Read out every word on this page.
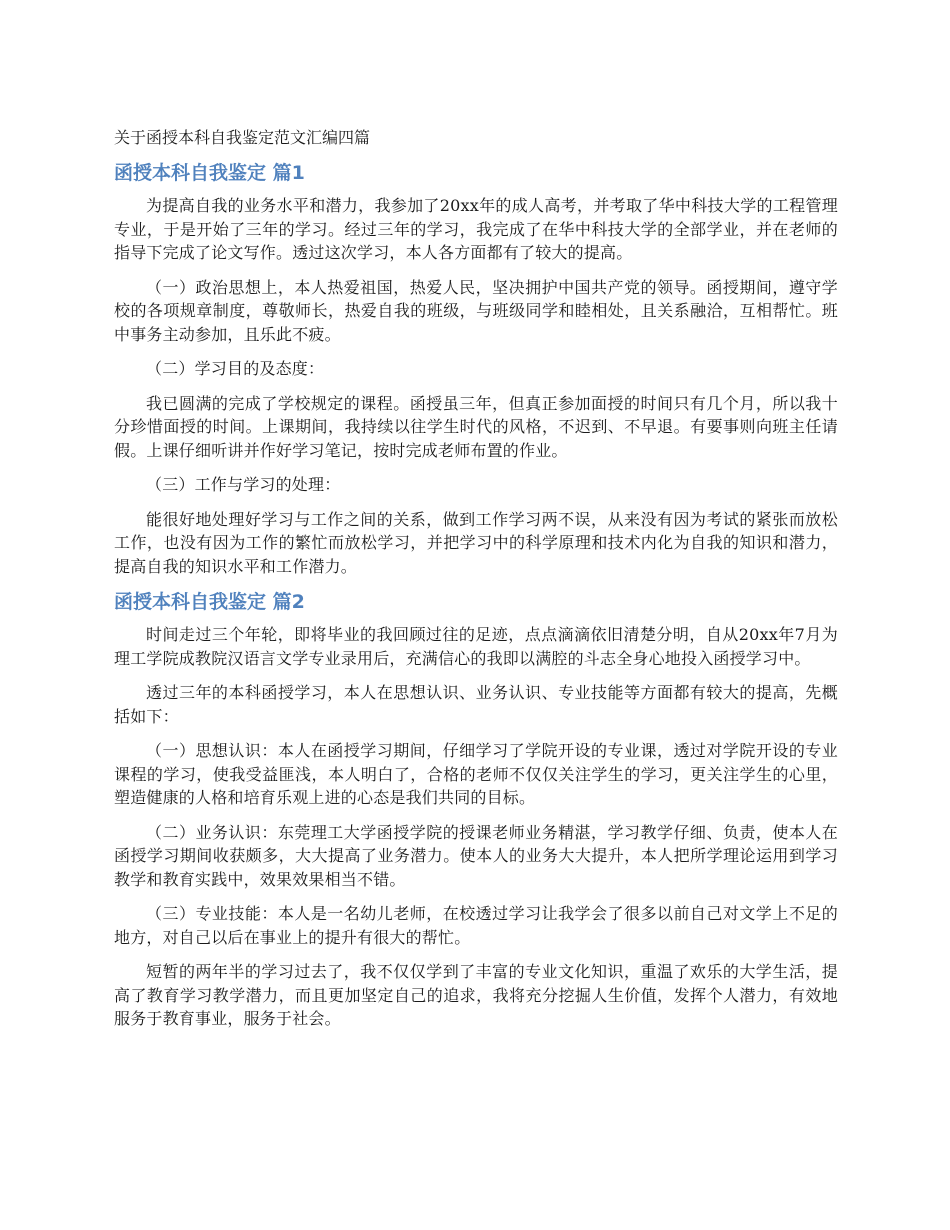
关于函授本科自我鉴定范文汇编四篇
函授本科自我鉴定 篇1

为提高自我的业务水平和潜力，我参加了20xx年的成人高考，并考取了华中科技大学的工程管理专业，于是开始了三年的学习。经过三年的学习，我完成了在华中科技大学的全部学业，并在老师的指导下完成了论文写作。透过这次学习，本人各方面都有了较大的提高。

（一）政治思想上，本人热爱祖国，热爱人民，坚决拥护中国共产党的领导。函授期间，遵守学校的各项规章制度，尊敬师长，热爱自我的班级，与班级同学和睦相处，且关系融洽，互相帮忙。班中事务主动参加，且乐此不疲。

（二）学习目的及态度：

我已圆满的完成了学校规定的课程。函授虽三年，但真正参加面授的时间只有几个月，所以我十分珍惜面授的时间。上课期间，我持续以往学生时代的风格，不迟到、不早退。有要事则向班主任请假。上课仔细听讲并作好学习笔记，按时完成老师布置的作业。

（三）工作与学习的处理：

能很好地处理好学习与工作之间的关系，做到工作学习两不误，从来没有因为考试的紧张而放松工作，也没有因为工作的繁忙而放松学习，并把学习中的科学原理和技术内化为自我的知识和潜力，提高自我的知识水平和工作潜力。

函授本科自我鉴定 篇2

时间走过三个年轮，即将毕业的我回顾过往的足迹，点点滴滴依旧清楚分明，自从20xx年7月为理工学院成教院汉语言文学专业录用后，充满信心的我即以满腔的斗志全身心地投入函授学习中。

透过三年的本科函授学习，本人在思想认识、业务认识、专业技能等方面都有较大的提高，先概括如下：

（一）思想认识：本人在函授学习期间，仔细学习了学院开设的专业课，透过对学院开设的专业课程的学习，使我受益匪浅，本人明白了，合格的老师不仅仅关注学生的学习，更关注学生的心里，塑造健康的人格和培育乐观上进的心态是我们共同的目标。

（二）业务认识：东莞理工大学函授学院的授课老师业务精湛，学习教学仔细、负责，使本人在函授学习期间收获颇多，大大提高了业务潜力。使本人的业务大大提升，本人把所学理论运用到学习教学和教育实践中，效果效果相当不错。

（三）专业技能：本人是一名幼儿老师，在校透过学习让我学会了很多以前自己对文学上不足的地方，对自己以后在事业上的提升有很大的帮忙。

短暂的两年半的学习过去了，我不仅仅学到了丰富的专业文化知识，重温了欢乐的大学生活，提高了教育学习教学潜力，而且更加坚定自己的追求，我将充分挖掘人生价值，发挥个人潜力，有效地服务于教育事业，服务于社会。
